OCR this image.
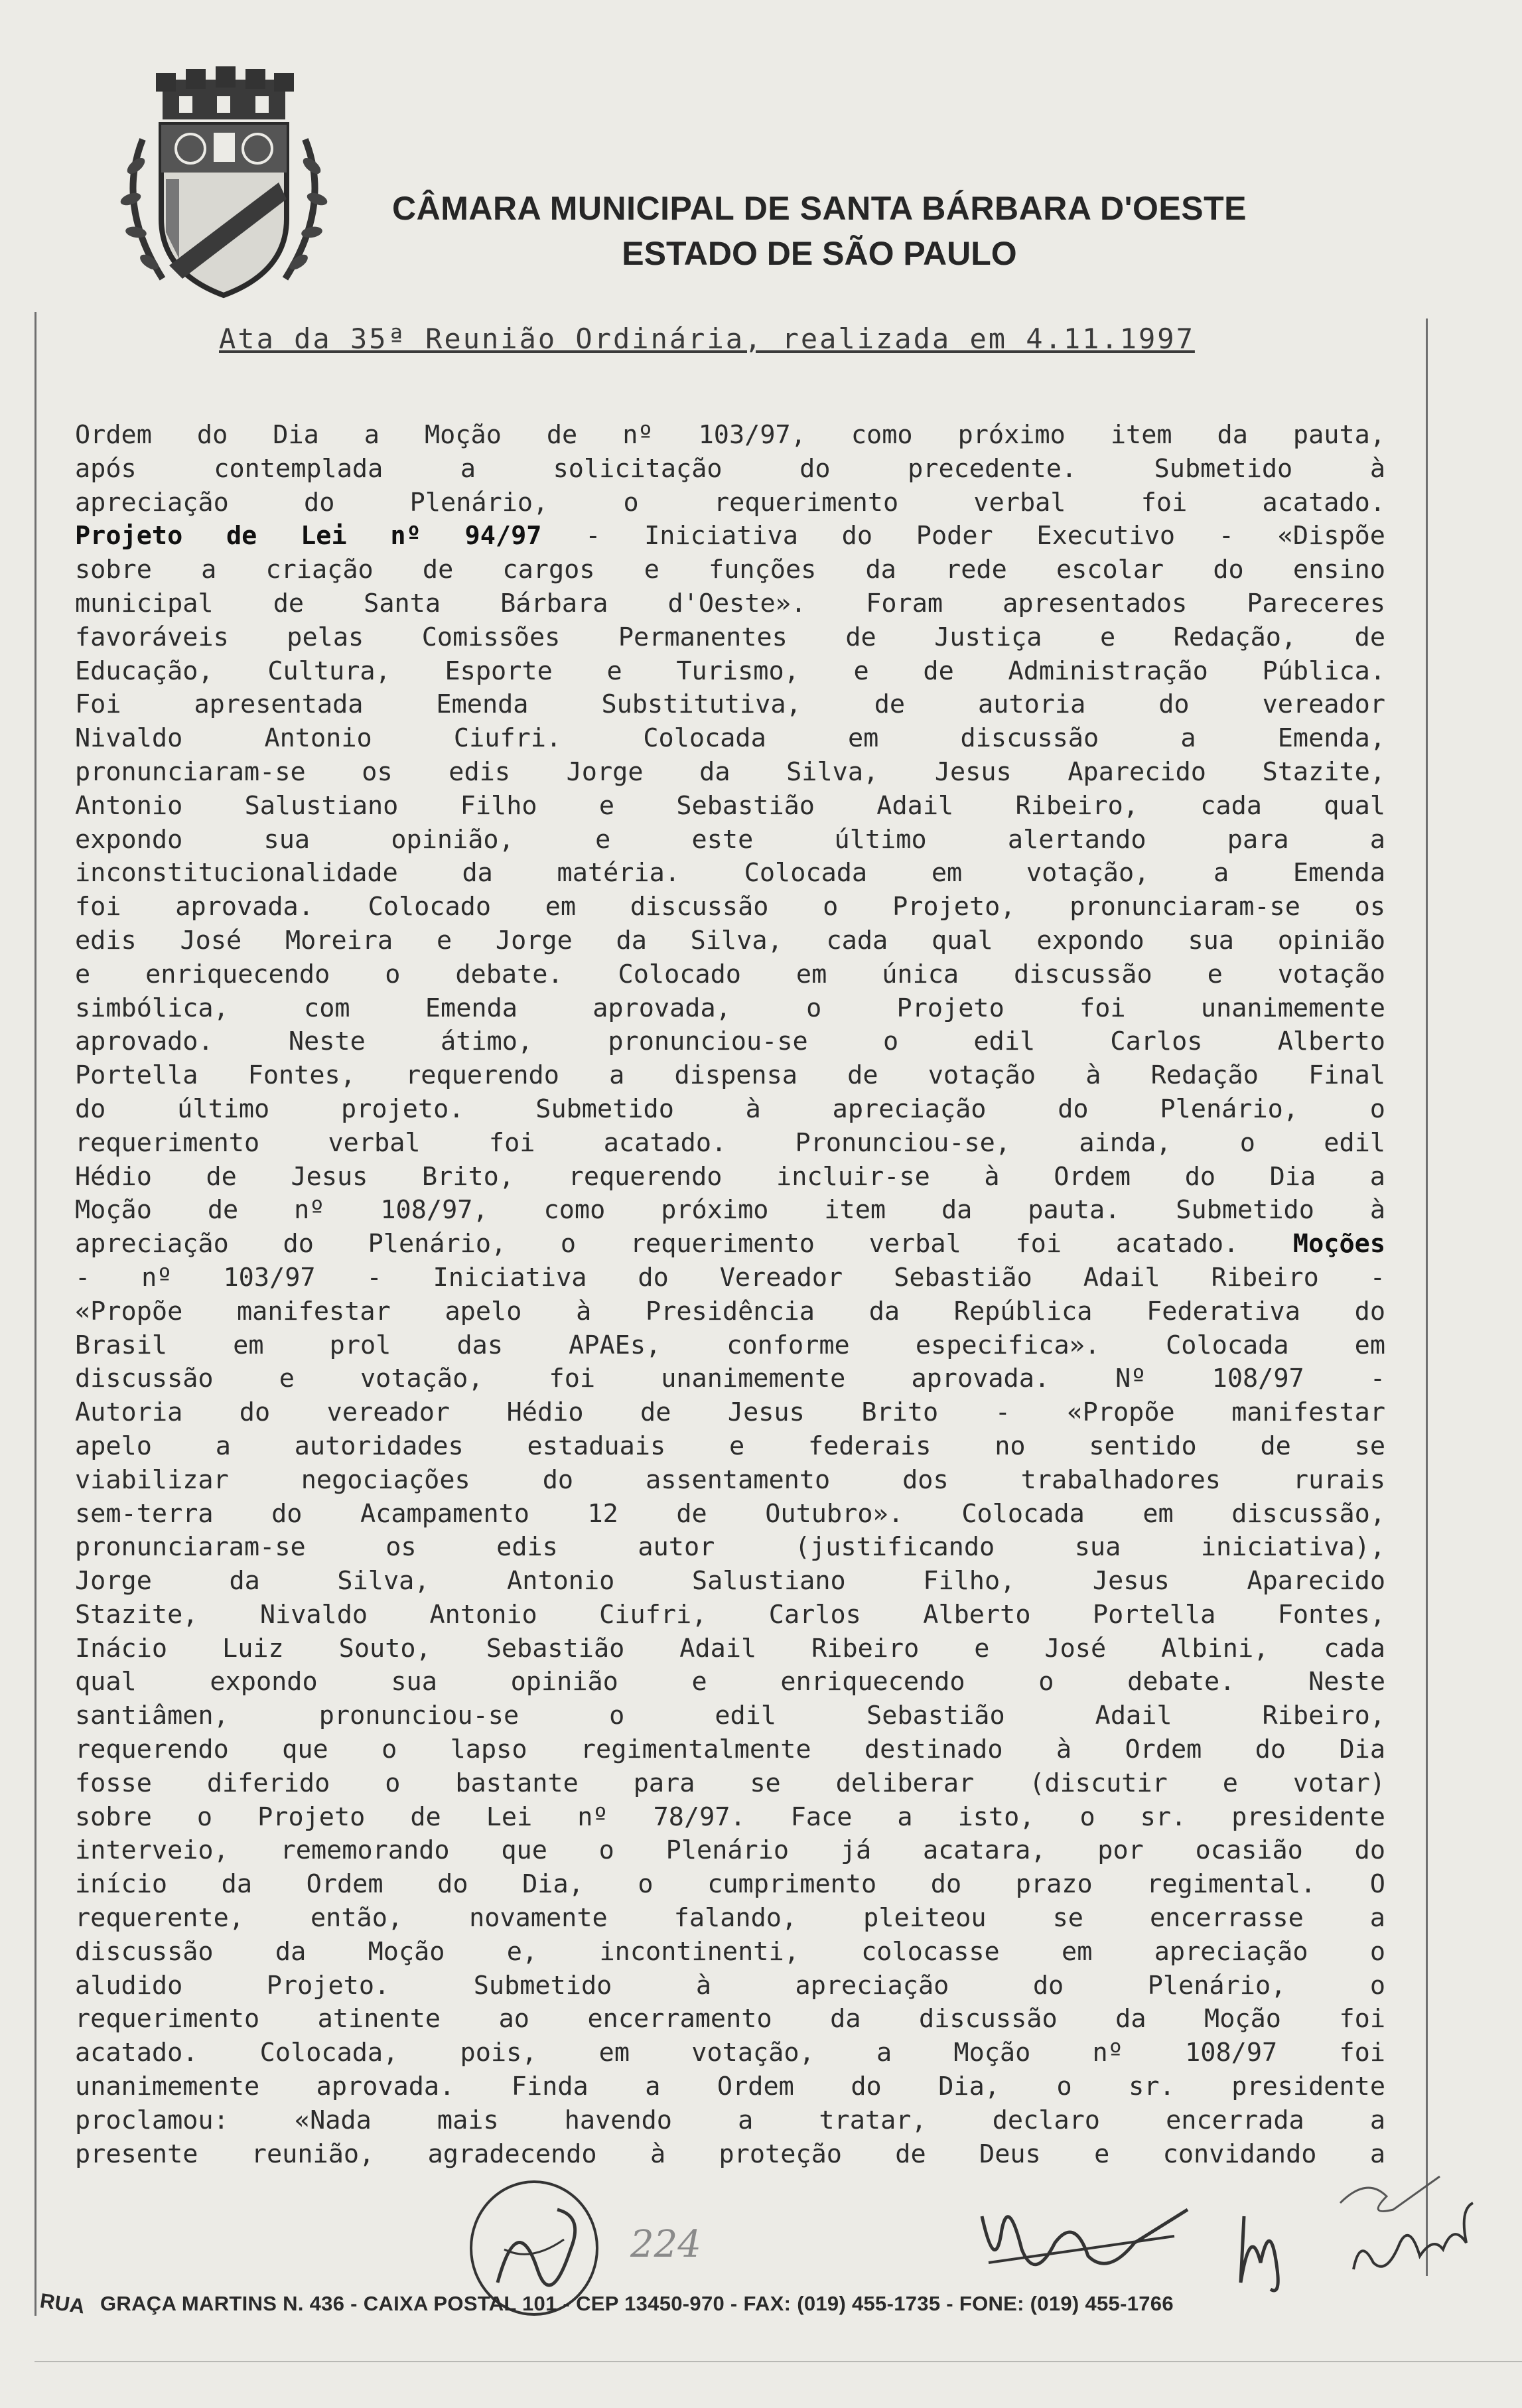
CÂMARA MUNICIPAL DE SANTA BÁRBARA D'OESTE
ESTADO DE SÃO PAULO
Ata da 35ª Reunião Ordinária, realizada em 4.11.1997
Ordem do Dia a Moção de nº 103/97, como próximo item da pauta,
após contemplada a solicitação do precedente. Submetido à
apreciação do Plenário, o requerimento verbal foi acatado.
Projeto de Lei nº 94/97 - Iniciativa do Poder Executivo - «Dispõe
sobre a criação de cargos e funções da rede escolar do ensino
municipal de Santa Bárbara d'Oeste». Foram apresentados Pareceres
favoráveis pelas Comissões Permanentes de Justiça e Redação, de
Educação, Cultura, Esporte e Turismo, e de Administração Pública.
Foi apresentada Emenda Substitutiva, de autoria do vereador
Nivaldo Antonio Ciufri. Colocada em discussão a Emenda,
pronunciaram-se os edis Jorge da Silva, Jesus Aparecido Stazite,
Antonio Salustiano Filho e Sebastião Adail Ribeiro, cada qual
expondo sua opinião, e este último alertando para a
inconstitucionalidade da matéria. Colocada em votação, a Emenda
foi aprovada. Colocado em discussão o Projeto, pronunciaram-se os
edis José Moreira e Jorge da Silva, cada qual expondo sua opinião
e enriquecendo o debate. Colocado em única discussão e votação
simbólica, com Emenda aprovada, o Projeto foi unanimemente
aprovado. Neste átimo, pronunciou-se o edil Carlos Alberto
Portella Fontes, requerendo a dispensa de votação à Redação Final
do último projeto. Submetido à apreciação do Plenário, o
requerimento verbal foi acatado. Pronunciou-se, ainda, o edil
Hédio de Jesus Brito, requerendo incluir-se à Ordem do Dia a
Moção de nº 108/97, como próximo item da pauta. Submetido à
apreciação do Plenário, o requerimento verbal foi acatado. Moções
- nº 103/97 - Iniciativa do Vereador Sebastião Adail Ribeiro -
«Propõe manifestar apelo à Presidência da República Federativa do
Brasil em prol das APAEs, conforme especifica». Colocada em
discussão e votação, foi unanimemente aprovada. Nº 108/97 -
Autoria do vereador Hédio de Jesus Brito - «Propõe manifestar
apelo a autoridades estaduais e federais no sentido de se
viabilizar negociações do assentamento dos trabalhadores rurais
sem-terra do Acampamento 12 de Outubro». Colocada em discussão,
pronunciaram-se os edis autor (justificando sua iniciativa),
Jorge da Silva, Antonio Salustiano Filho, Jesus Aparecido
Stazite, Nivaldo Antonio Ciufri, Carlos Alberto Portella Fontes,
Inácio Luiz Souto, Sebastião Adail Ribeiro e José Albini, cada
qual expondo sua opinião e enriquecendo o debate. Neste
santiâmen, pronunciou-se o edil Sebastião Adail Ribeiro,
requerendo que o lapso regimentalmente destinado à Ordem do Dia
fosse diferido o bastante para se deliberar (discutir e votar)
sobre o Projeto de Lei nº 78/97. Face a isto, o sr. presidente
interveio, rememorando que o Plenário já acatara, por ocasião do
início da Ordem do Dia, o cumprimento do prazo regimental. O
requerente, então, novamente falando, pleiteou se encerrasse a
discussão da Moção e, incontinenti, colocasse em apreciação o
aludido Projeto. Submetido à apreciação do Plenário, o
requerimento atinente ao encerramento da discussão da Moção foi
acatado. Colocada, pois, em votação, a Moção nº 108/97 foi
unanimemente aprovada. Finda a Ordem do Dia, o sr. presidente
proclamou: «Nada mais havendo a tratar, declaro encerrada a
presente reunião, agradecendo à proteção de Deus e convidando a
224
RUA GRAÇA MARTINS N. 436 - CAIXA POSTAL 101 - CEP 13450-970 - FAX: (019) 455-1735 - FONE: (019) 455-1766
